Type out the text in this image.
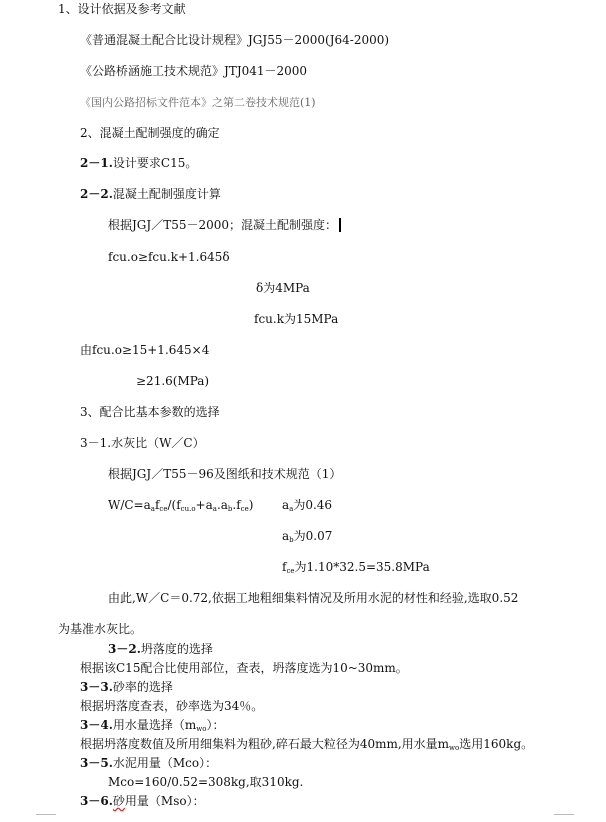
1、设计依据及参考文献
《普通混凝土配合比设计规程》JGJ55－2000(J64-2000)
《公路桥涵施工技术规范》JTJ041－2000
《国内公路招标文件范本》之第二卷技术规范(1)
2、混凝土配制强度的确定
2－1.设计要求C15。
2－2.混凝土配制强度计算
根据JGJ／T55－2000；混凝土配制强度：
fcu.o≥fcu.k+1.645δ
δ为4MPa
fcu.k为15MPa
由fcu.o≥15+1.645×4
≥21.6(MPa)
3、配合比基本参数的选择
3－1.水灰比（W／C）
根据JGJ／T55－96及图纸和技术规范（1）
$W/C=a_af_{ce}/(f_{cu.o}+a_a.a_b.f_{ce})$ $a_a$为0.46
$a_b$为0.07
$f_{ce}$为1.10*32.5=35.8MPa
由此,W／C＝0.72,依据工地粗细集料情况及所用水泥的材性和经验,选取0.52
为基准水灰比。
3－2.坍落度的选择
根据该C15配合比使用部位，查表，坍落度选为10~30mm。
3－3.砂率的选择
根据坍落度查表，砂率选为34％。
3－4.用水量选择$(m_{wo})$：
根据坍落度数值及所用细集料为粗砂,碎石最大粒径为40mm,用水量$m_{wo}$选用160kg。
3－5.水泥用量（Mco）：
Mco=160/0.52=308kg,取310kg.
3－6.砂用量（Mso）：
